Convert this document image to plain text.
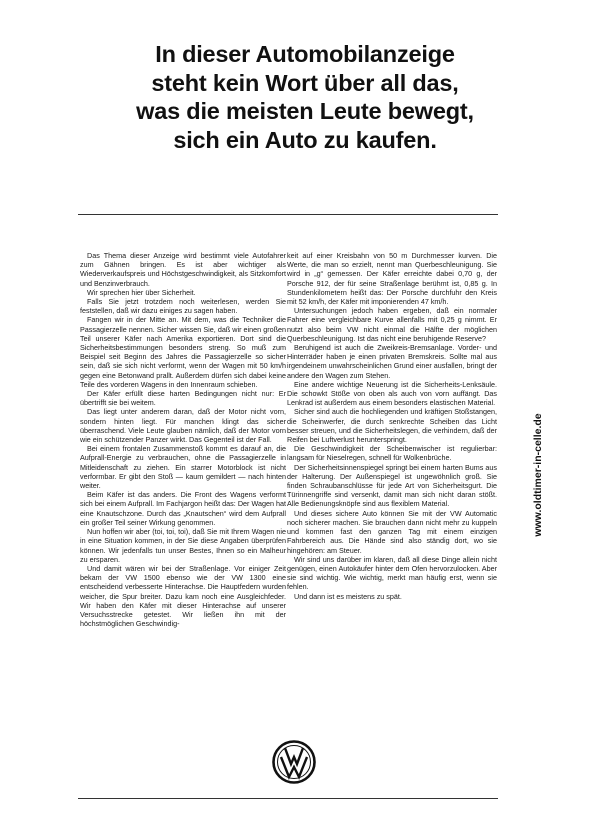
In dieser Automobilanzeige
steht kein Wort über all das,
was die meisten Leute bewegt,
sich ein Auto zu kaufen.

Das Thema dieser Anzeige wird bestimmt viele Autofahrer zum Gähnen bringen. Es ist aber wichtiger als Wiederverkaufspreis und Höchstgeschwindigkeit, als Sitzkomfort und Benzinverbrauch.

Wir sprechen hier über Sicherheit.

Falls Sie jetzt trotzdem noch weiterlesen, werden Sie feststellen, daß wir dazu einiges zu sagen haben.

Fangen wir in der Mitte an. Mit dem, was die Techniker die Passagierzelle nennen. Sicher wissen Sie, daß wir einen großen Teil unserer Käfer nach Amerika exportieren. Dort sind die Sicherheitsbestimmungen besonders streng. So muß zum Beispiel seit Beginn des Jahres die Passagierzelle so sicher sein, daß sie sich nicht verformt, wenn der Wagen mit 50 km/h gegen eine Betonwand prallt. Außerdem dürfen sich dabei keine Teile des vorderen Wagens in den Innenraum schieben.

Der Käfer erfüllt diese harten Bedingungen nicht nur: Er übertrifft sie bei weitem.

Das liegt unter anderem daran, daß der Motor nicht vorn, sondern hinten liegt. Für manchen klingt das sicher überraschend. Viele Leute glauben nämlich, daß der Motor vorn wie ein schützender Panzer wirkt. Das Gegenteil ist der Fall.

Bei einem frontalen Zusammenstoß kommt es darauf an, die Aufprall-Energie zu verbrauchen, ohne die Passagierzelle in Mitleidenschaft zu ziehen. Ein starrer Motorblock ist nicht verformbar. Er gibt den Stoß — kaum gemildert — nach hinten weiter.

Beim Käfer ist das anders. Die Front des Wagens verformt sich bei einem Aufprall. Im Fachjargon heißt das: Der Wagen hat eine Knautschzone. Durch das „Knautschen“ wird dem Aufprall ein großer Teil seiner Wirkung genommen.

Nun hoffen wir aber (toi, toi, toi), daß Sie mit Ihrem Wagen nie in eine Situation kommen, in der Sie diese Angaben überprüfen können. Wir jedenfalls tun unser Bestes, Ihnen so ein Malheur zu ersparen.

Und damit wären wir bei der Straßenlage. Vor einiger Zeit bekam der VW 1500 ebenso wie der VW 1300 eine entscheidend verbesserte Hinterachse. Die Hauptfedern wurden weicher, die Spur breiter. Dazu kam noch eine Ausgleichfeder. Wir haben den Käfer mit dieser Hinterachse auf unserer Versuchsstrecke getestet. Wir ließen ihn mit der höchstmöglichen Geschwindig-

keit auf einer Kreisbahn von 50 m Durchmesser kurven. Die Werte, die man so erzielt, nennt man Querbeschleunigung. Sie wird in „g“ gemessen. Der Käfer erreichte dabei 0,70 g, der Porsche 912, der für seine Straßenlage berühmt ist, 0,85 g. In Stundenkilometern heißt das: Der Porsche durchfuhr den Kreis mit 52 km/h, der Käfer mit imponierenden 47 km/h.

Untersuchungen jedoch haben ergeben, daß ein normaler Fahrer eine vergleichbare Kurve allenfalls mit 0,25 g nimmt. Er nutzt also beim VW nicht einmal die Hälfte der möglichen Querbeschleunigung. Ist das nicht eine beruhigende Reserve?

Beruhigend ist auch die Zweikreis-Bremsanlage. Vorder- und Hinterräder haben je einen privaten Bremskreis. Sollte mal aus irgendeinem unwahrscheinlichen Grund einer ausfallen, bringt der andere den Wagen zum Stehen.

Eine andere wichtige Neuerung ist die Sicherheits-Lenksäule. Die schowkt Stöße von oben als auch von vorn auffängt. Das Lenkrad ist außerdem aus einem besonders elastischen Material.

Sicher sind auch die hochliegenden und kräftigen Stoßstangen, die Scheinwerfer, die durch senkrechte Scheiben das Licht besser streuen, und die Sicherheitslegen, die verhindern, daß der Reifen bei Luftverlust herunterspringt.

Die Geschwindigkeit der Scheibenwischer ist regulierbar: langsam für Nieselregen, schnell für Wolkenbrüche.

Der Sicherheitsinnenspiegel springt bei einem harten Bums aus der Halterung. Der Außenspiegel ist ungewöhnlich groß. Sie finden Schraubanschlüsse für jede Art von Sicherheitsgurt. Die Türinnengriffe sind versenkt, damit man sich nicht daran stößt. Alle Bedienungsknöpfe sind aus flexiblem Material.

Und dieses sichere Auto können Sie mit der VW Automatic noch sicherer machen. Sie brauchen dann nicht mehr zu kuppeln und kommen fast den ganzen Tag mit einem einzigen Fahrbereich aus. Die Hände sind also ständig dort, wo sie hingehören: am Steuer.

Wir sind uns darüber im klaren, daß all diese Dinge allein nicht genügen, einen Autokäufer hinter dem Ofen hervorzulocken. Aber sie sind wichtig. Wie wichtig, merkt man häufig erst, wenn sie fehlen.

Und dann ist es meistens zu spät.

www.oldtimer-in-celle.de
